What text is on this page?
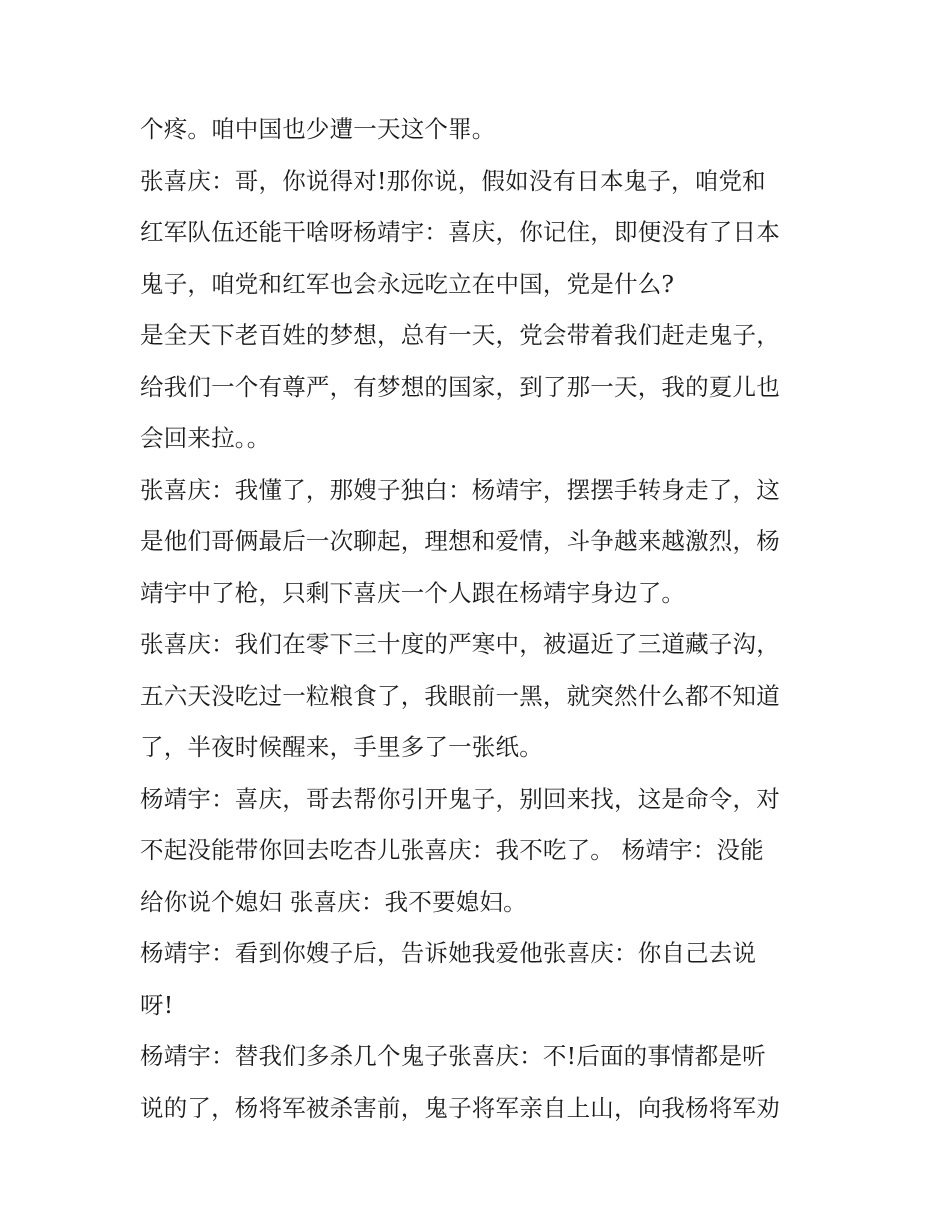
个疼。咱中国也少遭一天这个罪。
张喜庆：哥，你说得对!那你说，假如没有日本鬼子，咱党和
红军队伍还能干啥呀杨靖宇：喜庆，你记住，即便没有了日本
鬼子，咱党和红军也会永远吃立在中国，党是什么?
是全天下老百姓的梦想，总有一天，党会带着我们赶走鬼子，
给我们一个有尊严，有梦想的国家，到了那一天，我的夏儿也
会回来拉。。
张喜庆：我懂了，那嫂子独白：杨靖宇，摆摆手转身走了，这
是他们哥俩最后一次聊起，理想和爱情，斗争越来越激烈，杨
靖宇中了枪，只剩下喜庆一个人跟在杨靖宇身边了。
张喜庆：我们在零下三十度的严寒中，被逼近了三道藏子沟，
五六天没吃过一粒粮食了，我眼前一黑，就突然什么都不知道
了，半夜时候醒来，手里多了一张纸。
杨靖宇：喜庆，哥去帮你引开鬼子，别回来找，这是命令，对
不起没能带你回去吃杏儿张喜庆：我不吃了。 杨靖宇：没能
给你说个媳妇 张喜庆：我不要媳妇。
杨靖宇：看到你嫂子后，告诉她我爱他张喜庆：你自己去说
呀!
杨靖宇：替我们多杀几个鬼子张喜庆：不!后面的事情都是听
说的了，杨将军被杀害前，鬼子将军亲自上山，向我杨将军劝
